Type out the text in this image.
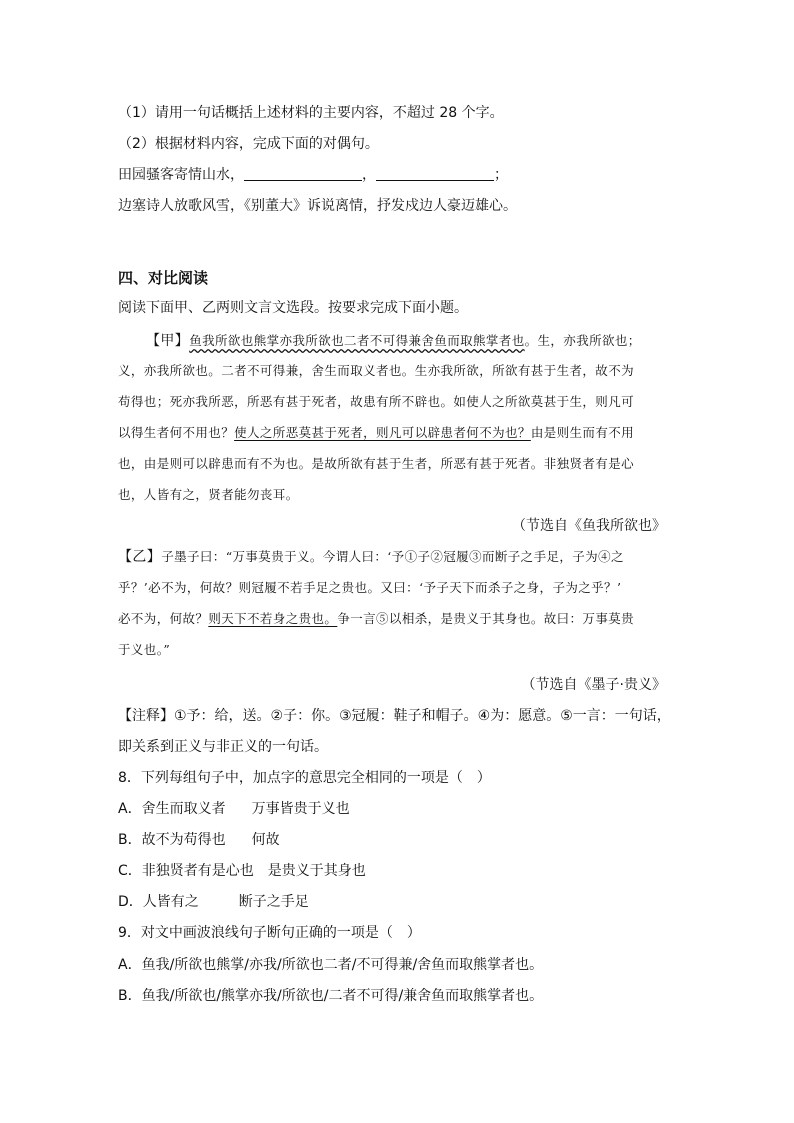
（1）请用一句话概括上述材料的主要内容，不超过 28 个字。
（2）根据材料内容，完成下面的对偶句。
田园骚客寄情山水，	，	；
边塞诗人放歌风雪，《别董大》诉说离情，抒发戍边人豪迈雄心。
四、对比阅读
阅读下面甲、乙两则文言文选段。按要求完成下面小题。
【甲】鱼我所欲也熊掌亦我所欲也二者不可得兼舍鱼而取熊掌者也。生，亦我所欲也；
义，亦我所欲也。二者不可得兼，舍生而取义者也。生亦我所欲，所欲有甚于生者，故不为
苟得也；死亦我所恶，所恶有甚于死者，故患有所不辟也。如使人之所欲莫甚于生，则凡可
以得生者何不用也？使人之所恶莫甚于死者，则凡可以辟患者何不为也？由是则生而有不用
也，由是则可以辟患而有不为也。是故所欲有甚于生者，所恶有甚于死者。非独贤者有是心
也，人皆有之，贤者能勿丧耳。
（节选自《鱼我所欲也》
【乙】子墨子曰：“万事莫贵于义。今谓人曰：‘予①子②冠履③而断子之手足，子为④之
乎？’必不为，何故？则冠履不若手足之贵也。又曰：‘予子天下而杀子之身，子为之乎？’
必不为，何故？则天下不若身之贵也。争一言⑤以相杀，是贵义于其身也。故曰：万事莫贵
于义也。”
（节选自《墨子·贵义》
【注释】①予：给，送。②子：你。③冠履：鞋子和帽子。④为：愿意。⑤一言：一句话，
即关系到正义与非正义的一句话。
8．下列每组句子中，加点字的意思完全相同的一项是（　）
A．舍生而取义者 万事皆贵于义也
B．故不为苟得也 何故
C．非独贤者有是心也 是贵义于其身也
D．人皆有之	断子之手足
9．对文中画波浪线句子断句正确的一项是（　）
A．鱼我/所欲也熊掌/亦我/所欲也二者/不可得兼/舍鱼而取熊掌者也。
B．鱼我/所欲也/熊掌亦我/所欲也/二者不可得/兼舍鱼而取熊掌者也。
